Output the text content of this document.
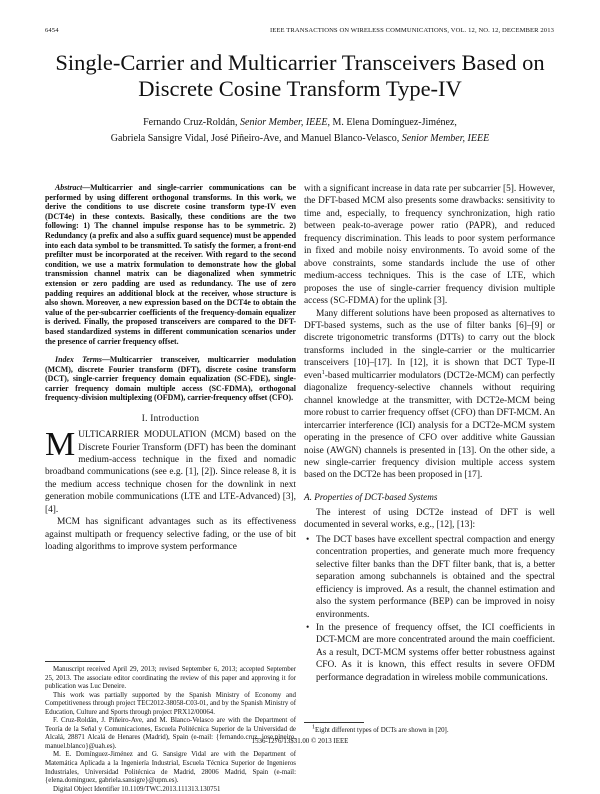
6454	IEEE TRANSACTIONS ON WIRELESS COMMUNICATIONS, VOL. 12, NO. 12, DECEMBER 2013
Single-Carrier and Multicarrier Transceivers Based on Discrete Cosine Transform Type-IV
Fernando Cruz-Roldán, Senior Member, IEEE, M. Elena Domínguez-Jiménez,
Gabriela Sansigre Vidal, José Piñeiro-Ave, and Manuel Blanco-Velasco, Senior Member, IEEE

Abstract—Multicarrier and single-carrier communications can be performed by using different orthogonal transforms. In this work, we derive the conditions to use discrete cosine transform type-IV even (DCT4e) in these contexts. Basically, these conditions are the two following: 1) The channel impulse response has to be symmetric. 2) Redundancy (a prefix and also a suffix guard sequence) must be appended into each data symbol to be transmitted. To satisfy the former, a front-end prefilter must be incorporated at the receiver. With regard to the second condition, we use a matrix formulation to demonstrate how the global transmission channel matrix can be diagonalized when symmetric extension or zero padding are used as redundancy. The use of zero padding requires an additional block at the receiver, whose structure is also shown. Moreover, a new expression based on the DCT4e to obtain the value of the per-subcarrier coefficients of the frequency-domain equalizer is derived. Finally, the proposed transceivers are compared to the DFT-based standardized systems in different communication scenarios under the presence of carrier frequency offset.

Index Terms—Multicarrier transceiver, multicarrier modulation (MCM), discrete Fourier transform (DFT), discrete cosine transform (DCT), single-carrier frequency domain equalization (SC-FDE), single-carrier frequency domain multiple access (SC-FDMA), orthogonal frequency-division multiplexing (OFDM), carrier-frequency offset (CFO).

I. Introduction

MULTICARRIER MODULATION (MCM) based on the Discrete Fourier Transform (DFT) has been the dominant medium-access technique in the fixed and nomadic broadband communications (see e.g. [1], [2]). Since release 8, it is the medium access technique chosen for the downlink in next generation mobile communications (LTE and LTE-Advanced) [3], [4].

MCM has significant advantages such as its effectiveness against multipath or frequency selective fading, or the use of bit loading algorithms to improve system performance

Manuscript received April 29, 2013; revised September 6, 2013; accepted September 25, 2013. The associate editor coordinating the review of this paper and approving it for publication was Luc Deneire.

This work was partially supported by the Spanish Ministry of Economy and Competitiveness through project TEC2012-38058-C03-01, and by the Spanish Ministry of Education, Culture and Sports through project PRX12/00064.

F. Cruz-Roldán, J. Piñeiro-Ave, and M. Blanco-Velasco are with the Department of Teoría de la Señal y Comunicaciones, Escuela Politécnica Superior de la Universidad de Alcalá, 28871 Alcalá de Henares (Madrid), Spain (e-mail: {fernando.cruz, jose.pineiro, manuel.blanco}@uah.es).

M. E. Domínguez-Jiménez and G. Sansigre Vidal are with the Department of Matemática Aplicada a la Ingeniería Industrial, Escuela Técnica Superior de Ingenieros Industriales, Universidad Politécnica de Madrid, 28006 Madrid, Spain (e-mail: {elena.dominguez, gabriela.sansigre}@upm.es).

Digital Object Identifier 10.1109/TWC.2013.111313.130751

with a significant increase in data rate per subcarrier [5]. However, the DFT-based MCM also presents some drawbacks: sensitivity to time and, especially, to frequency synchronization, high ratio between peak-to-average power ratio (PAPR), and reduced frequency discrimination. This leads to poor system performance in fixed and mobile noisy environments. To avoid some of the above constraints, some standards include the use of other medium-access techniques. This is the case of LTE, which proposes the use of single-carrier frequency division multiple access (SC-FDMA) for the uplink [3].

Many different solutions have been proposed as alternatives to DFT-based systems, such as the use of filter banks [6]–[9] or discrete trigonometric transforms (DTTs) to carry out the block transforms included in the single-carrier or the multicarrier transceivers [10]–[17]. In [12], it is shown that DCT Type-II even$^1$-based multicarrier modulators (DCT2e-MCM) can perfectly diagonalize frequency-selective channels without requiring channel knowledge at the transmitter, with DCT2e-MCM being more robust to carrier frequency offset (CFO) than DFT-MCM. An intercarrier interference (ICI) analysis for a DCT2e-MCM system operating in the presence of CFO over additive white Gaussian noise (AWGN) channels is presented in [13]. On the other side, a new single-carrier frequency division multiple access system based on the DCT2e has been proposed in [17].

A. Properties of DCT-based Systems

The interest of using DCT2e instead of DFT is well documented in several works, e.g., [12], [13]:

• The DCT bases have excellent spectral compaction and energy concentration properties, and generate much more frequency selective filter banks than the DFT filter bank, that is, a better separation among subchannels is obtained and the spectral efficiency is improved. As a result, the channel estimation and also the system performance (BEP) can be improved in noisy environments.
• In the presence of frequency offset, the ICI coefficients in DCT-MCM are more concentrated around the main coefficient. As a result, DCT-MCM systems offer better robustness against CFO. As it is known, this effect results in severe OFDM performance degradation in wireless mobile communications.

$^1$Eight different types of DCTs are shown in [20].

1536-1276/13$31.00 © 2013 IEEE
